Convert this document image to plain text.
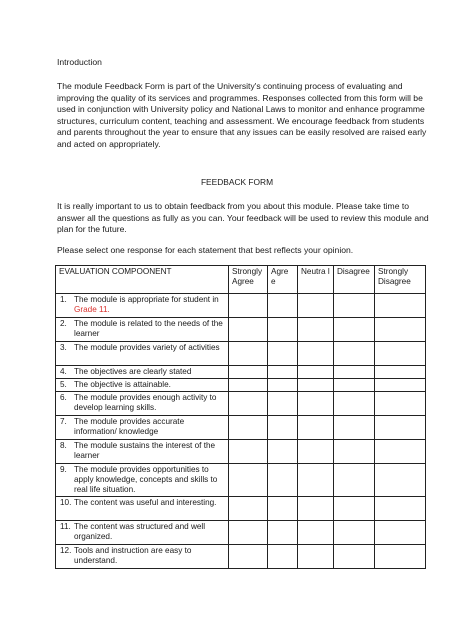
Introduction

The module Feedback Form is part of the University's continuing process of evaluating and improving the quality of its services and programmes. Responses collected from this form will be used in conjunction with University policy and National Laws to monitor and enhance programme structures, curriculum content, teaching and assessment. We encourage feedback from students and parents throughout the year to ensure that any issues can be easily resolved are raised early and acted on appropriately.

FEEDBACK FORM

It is really important to us to obtain feedback from you about this module. Please take time to answer all the questions as fully as you can. Your feedback will be used to review this module and plan for the future.

Please select one response for each statement that best reflects your opinion.

EVALUATION COMPOONENT	Strongly Agree	Agre e	Neutra l	Disagree	Strongly Disagree
1. The module is appropriate for student in Grade 11.					
2. The module is related to the needs of the learner					
3. The module provides variety of activities					
4. The objectives are clearly stated					
5. The objective is attainable.					
6. The module provides enough activity to develop learning skills.					
7. The module provides accurate information/ knowledge					
8. The module sustains the interest of the learner					
9. The module provides opportunities to apply knowledge, concepts and skills to real life situation.					
10. The content was useful and interesting.					
11. The content was structured and well organized.					
12. Tools and instruction are easy to understand.					
